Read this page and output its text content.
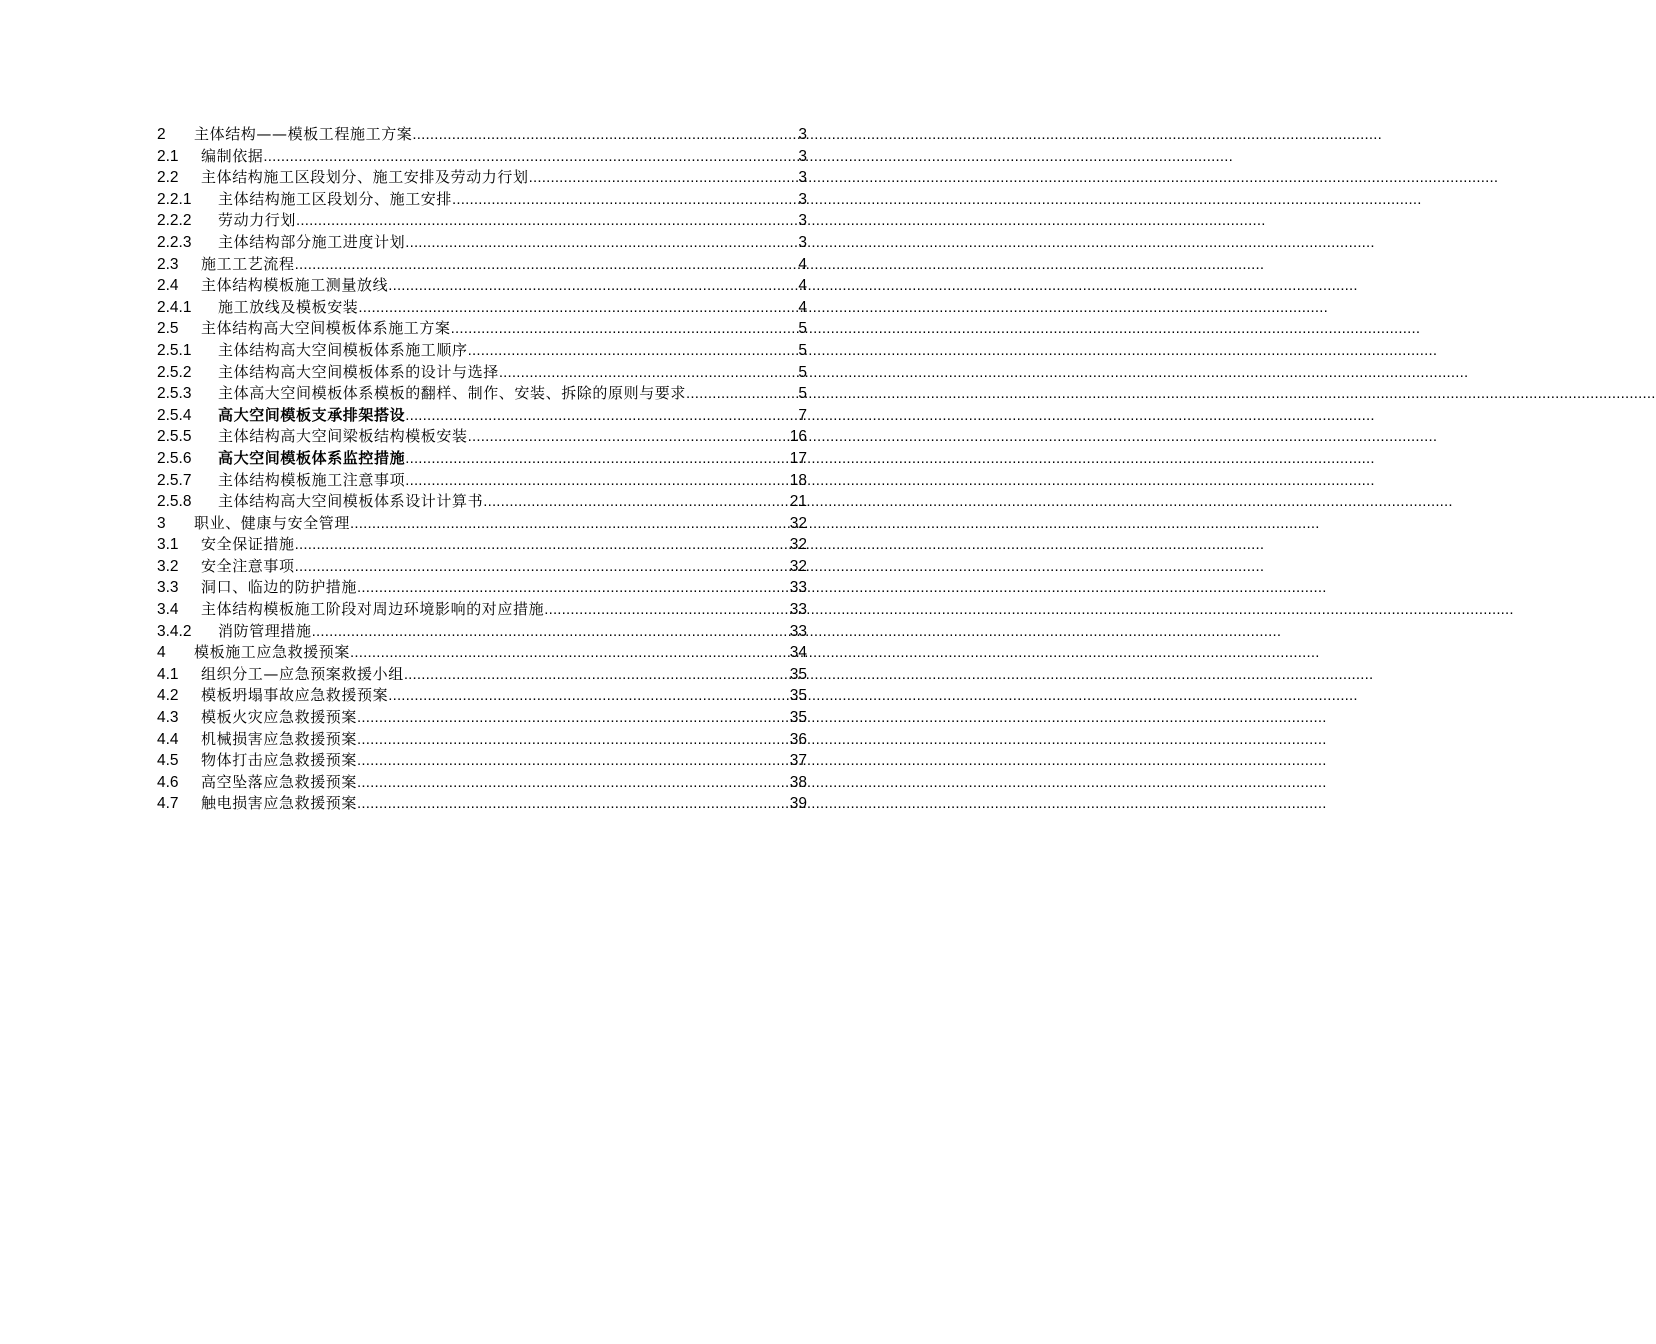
2	主体结构——模板工程施工方案 .....	3
2.1	编制依据 .....	3
2.2	主体结构施工区段划分、施工安排及劳动力行划 .....	3
2.2.1	主体结构施工区段划分、施工安排 .....	3
2.2.2	劳动力行划 .....	3
2.2.3	主体结构部分施工进度计划 .....	3
2.3	施工工艺流程 .....	4
2.4	主体结构模板施工测量放线 .....	4
2.4.1	施工放线及模板安装 .....	4
2.5	主体结构高大空间模板体系施工方案 .....	5
2.5.1	主体结构高大空间模板体系施工顺序 .....	5
2.5.2	主体结构高大空间模板体系的设计与选择 .....	5
2.5.3	主体高大空间模板体系模板的翻样、制作、安装、拆除的原则与要求 .....	5
2.5.4	高大空间模板支承排架搭设 .....	7
2.5.5	主体结构高大空间梁板结构模板安装 .....	16
2.5.6	高大空间模板体系监控措施 .....	17
2.5.7	主体结构模板施工注意事项 .....	18
2.5.8	主体结构高大空间模板体系设计计算书 .....	21
3	职业、健康与安全管理 .....	32
3.1	安全保证措施 .....	32
3.2	安全注意事项 .....	32
3.3	洞口、临边的防护措施 .....	33
3.4	主体结构模板施工阶段对周边环境影响的对应措施 .....	33
3.4.2	消防管理措施 .....	33
4	模板施工应急救援预案 .....	34
4.1	组织分工—应急预案救援小组 .....	35
4.2	模板坍塌事故应急救援预案 .....	35
4.3	模板火灾应急救援预案 .....	35
4.4	机械损害应急救援预案 .....	36
4.5	物体打击应急救援预案 .....	37
4.6	高空坠落应急救援预案 .....	38
4.7	触电损害应急救援预案 .....	39
